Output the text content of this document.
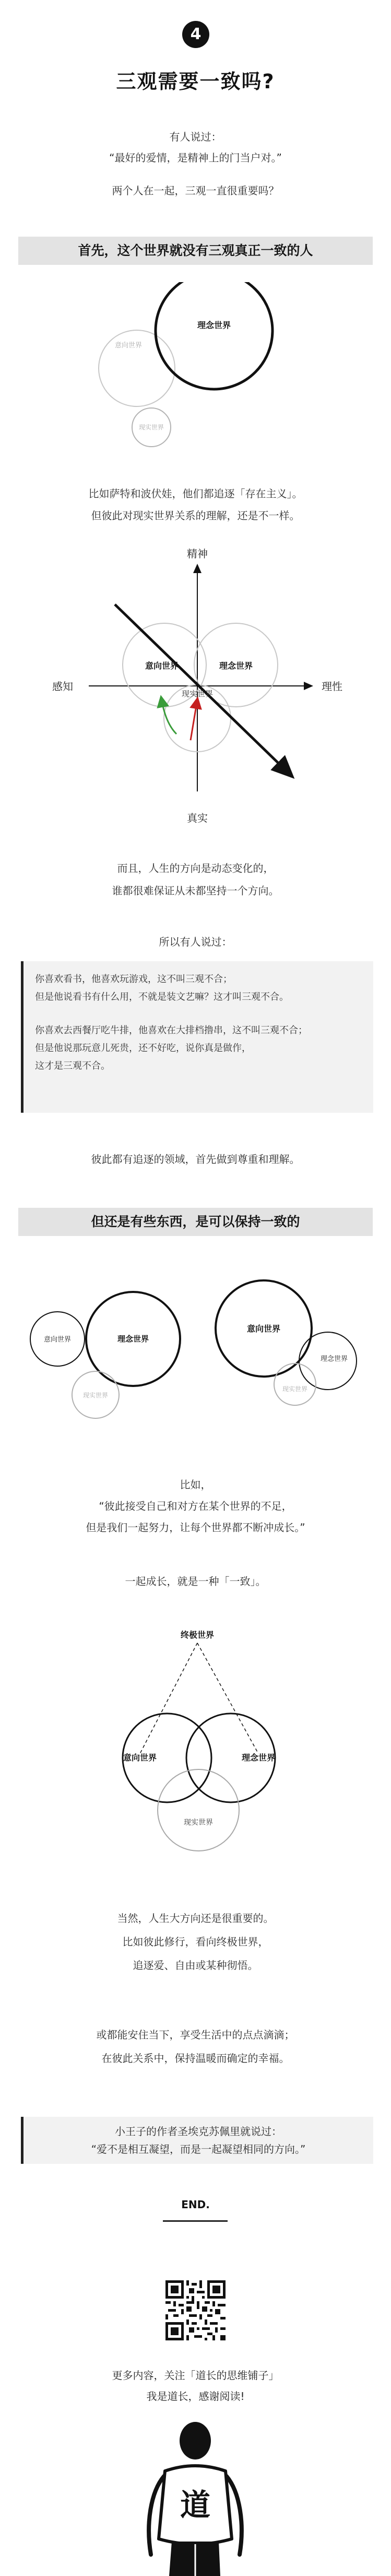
4
三观需要一致吗?
有人说过：
“最好的爱情，是精神上的门当户对。”
两个人在一起，三观一直很重要吗？
首先，这个世界就没有三观真正一致的人
理念世界
意向世界
现实世界
比如萨特和波伏娃，他们都追逐「存在主义」。
但彼此对现实世界关系的理解，还是不一样。
精神
真实
感知	理性
意向世界	理念世界
现实世界
而且，人生的方向是动态变化的，
谁都很难保证从未都坚持一个方向。
所以有人说过：

你喜欢看书，他喜欢玩游戏，这不叫三观不合；

但是他说看书有什么用，不就是装文艺嘛？这才叫三观不合。

你喜欢去西餐厅吃牛排，他喜欢在大排档撸串，这不叫三观不合；

但是他说那玩意儿死贵，还不好吃，说你真是做作，

这才是三观不合。

彼此都有追逐的领域，首先做到尊重和理解。
但还是有些东西，是可以保持一致的
意向世界	理念世界
现实世界
意向世界
理念世界
现实世界
比如，
“彼此接受自己和对方在某个世界的不足，
但是我们一起努力，让每个世界都不断冲成长。”
一起成长，就是一种「一致」。
终极世界
意向世界	理念世界
现实世界
当然，人生大方向还是很重要的。
比如彼此修行，看向终极世界，
追逐爱、自由或某种彻悟。
或都能安住当下，享受生活中的点点滴滴；
在彼此关系中，保持温暖而确定的幸福。
小王子的作者圣埃克苏佩里就说过：
“爱不是相互凝望，而是一起凝望相同的方向。”
END.
更多内容，关注「道长的思维铺子」
我是道长，感谢阅读!
道
